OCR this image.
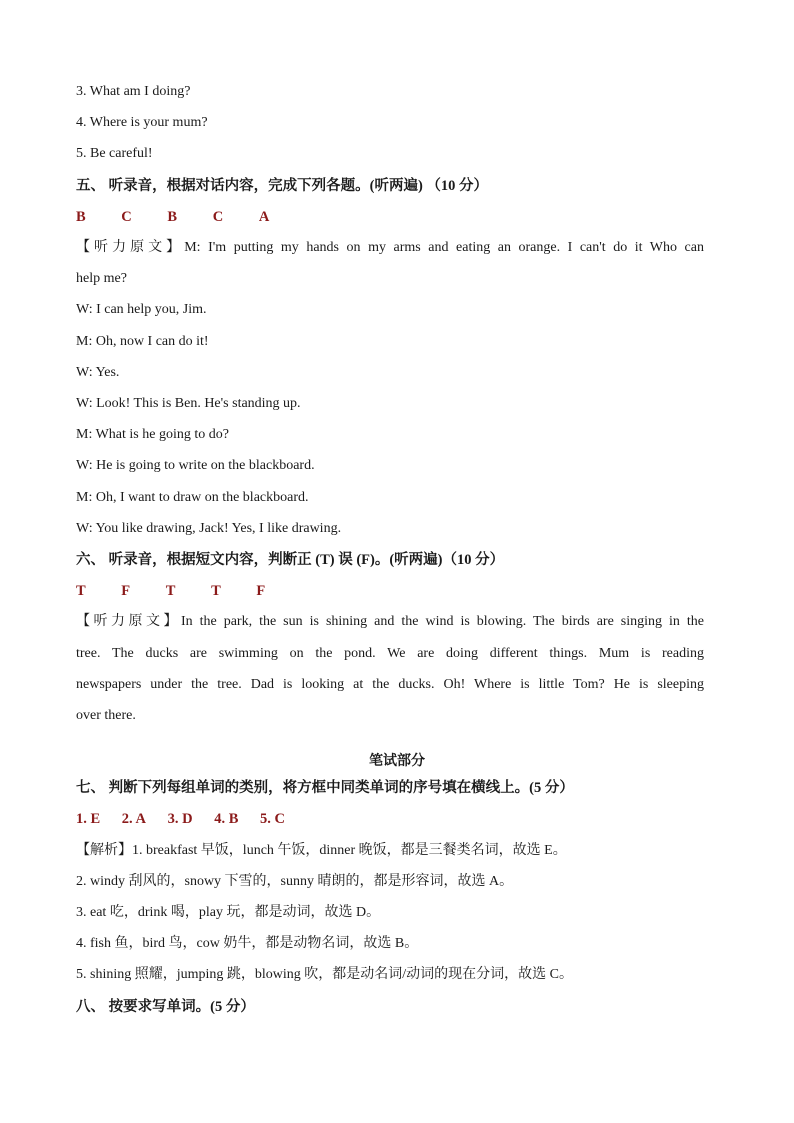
3. What am I doing?
4. Where is your mum?
5. Be careful!
五、 听录音，根据对话内容，完成下列各题。(听两遍) （10 分）
B C B C A
【听力原文】M: I'm putting my hands on my arms and eating an orange. I can't do it Who can
help me?
W: I can help you, Jim.
M: Oh, now I can do it!
W: Yes.
W: Look! This is Ben. He's standing up.
M: What is he going to do?
W: He is going to write on the blackboard.
M: Oh, I want to draw on the blackboard.
W: You like drawing, Jack! Yes, I like drawing.
六、 听录音，根据短文内容，判断正 (T) 误 (F)。(听两遍)（10 分）
T F T T F
【听力原文】In the park, the sun is shining and the wind is blowing. The birds are singing in the
tree. The ducks are swimming on the pond. We are doing different things. Mum is reading
newspapers under the tree. Dad is looking at the ducks. Oh! Where is little Tom? He is sleeping
over there.
笔试部分
七、 判断下列每组单词的类别，将方框中同类单词的序号填在横线上。(5 分）
1. E 2. A 3. D 4. B 5. C
【解析】1. breakfast 早饭，lunch 午饭，dinner 晚饭，都是三餐类名词，故选 E。
2. windy 刮风的，snowy 下雪的，sunny 晴朗的，都是形容词，故选 A。
3. eat 吃，drink 喝，play 玩，都是动词，故选 D。
4. fish 鱼，bird 鸟，cow 奶牛，都是动物名词，故选 B。
5. shining 照耀，jumping 跳，blowing 吹，都是动名词/动词的现在分词，故选 C。
八、 按要求写单词。(5 分）
